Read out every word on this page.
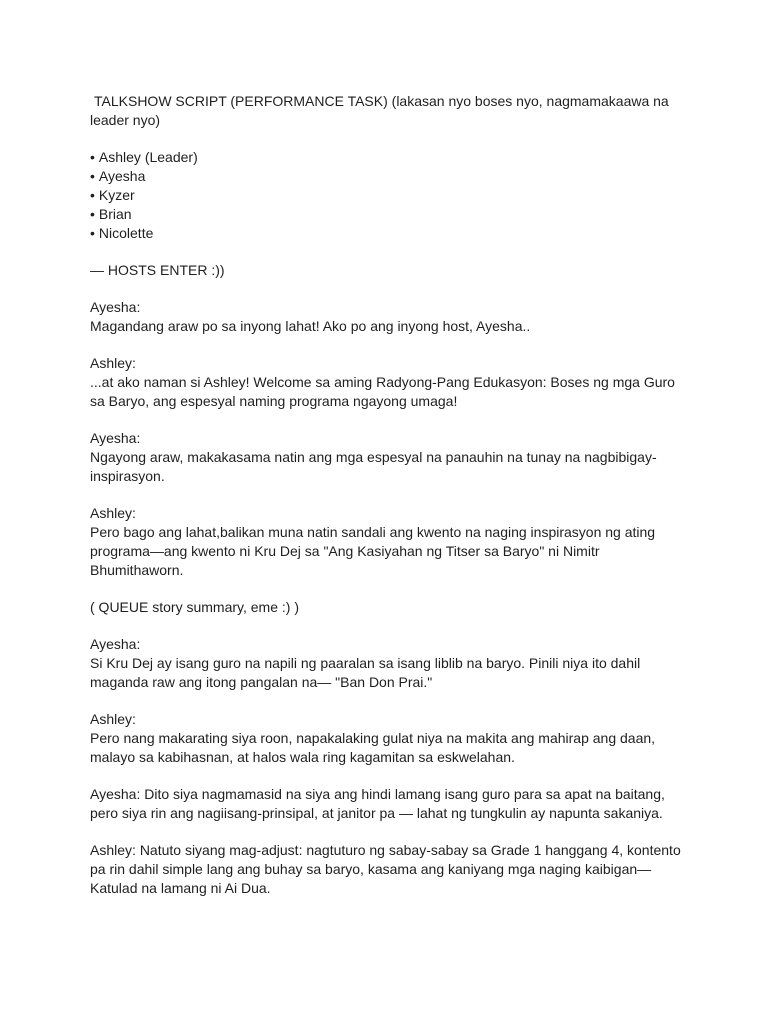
TALKSHOW SCRIPT (PERFORMANCE TASK) (lakasan nyo boses nyo, nagmamakaawa na leader nyo)

• Ashley (Leader)
• Ayesha
• Kyzer
• Brian
• Nicolette

— HOSTS ENTER :))

Ayesha:
Magandang araw po sa inyong lahat! Ako po ang inyong host, Ayesha..

Ashley:
...at ako naman si Ashley! Welcome sa aming Radyong-Pang Edukasyon: Boses ng mga Guro sa Baryo, ang espesyal naming programa ngayong umaga!

Ayesha:
Ngayong araw, makakasama natin ang mga espesyal na panauhin na tunay na nagbibigay-inspirasyon.

Ashley:
Pero bago ang lahat,balikan muna natin sandali ang kwento na naging inspirasyon ng ating programa—ang kwento ni Kru Dej sa "Ang Kasiyahan ng Titser sa Baryo" ni Nimitr Bhumithaworn.

( QUEUE story summary, eme :) )

Ayesha:
Si Kru Dej ay isang guro na napili ng paaralan sa isang liblib na baryo. Pinili niya ito dahil maganda raw ang itong pangalan na— "Ban Don Prai."

Ashley:
Pero nang makarating siya roon, napakalaking gulat niya na makita ang mahirap ang daan, malayo sa kabihasnan, at halos wala ring kagamitan sa eskwelahan.

Ayesha: Dito siya nagmamasid na siya ang hindi lamang isang guro para sa apat na baitang, pero siya rin ang nagiisang-prinsipal, at janitor pa — lahat ng tungkulin ay napunta sakaniya.

Ashley: Natuto siyang mag-adjust: nagtuturo ng sabay-sabay sa Grade 1 hanggang 4, kontento pa rin dahil simple lang ang buhay sa baryo, kasama ang kaniyang mga naging kaibigan— Katulad na lamang ni Ai Dua.
